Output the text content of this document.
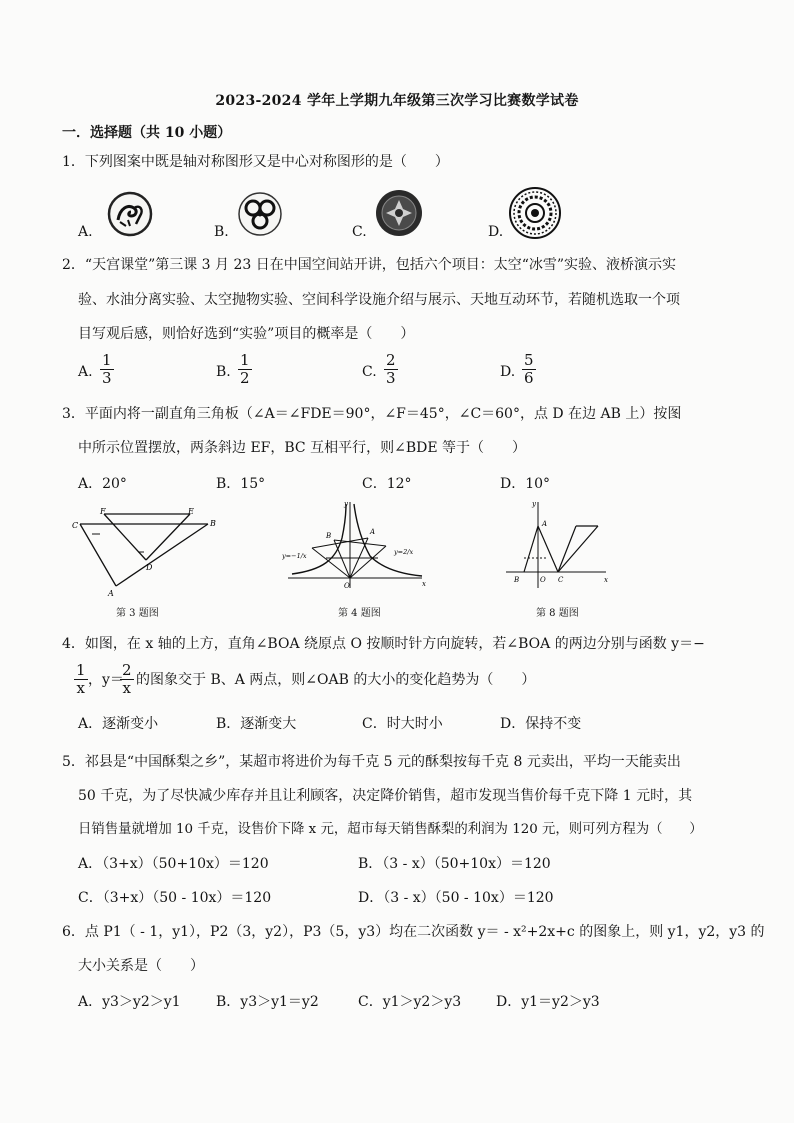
2023-2024 学年上学期九年级第三次学习比赛数学试卷
一．选择题（共 10 小题）
1．下列图案中既是轴对称图形又是中心对称图形的是（　　）
A.	B.	C.	D.
2．“天宫课堂”第三课 3 月 23 日在中国空间站开讲，包括六个项目：太空“冰雪”实验、液桥演示实
验、水油分离实验、太空抛物实验、空间科学设施介绍与展示、天地互动环节，若随机选取一个项
目写观后感，则恰好选到“实验”项目的概率是（　　）
A. $\frac{1}{3}$	B. $\frac{1}{2}$	C. $\frac{2}{3}$	D. $\frac{5}{6}$
3．平面内将一副直角三角板（∠A＝∠FDE＝90°，∠F＝45°，∠C＝60°，点 D 在边 AB 上）按图
中所示位置摆放，两条斜边 EF，BC 互相平行，则∠BDE 等于（　　）
A．20°	B．15°	C．12°	D．10°
C
F	E
B
A
D
第 3 题图
y
x
O
A
B
y=−1/x	y=2/x
第 4 题图
y
x
A
B	C
O
第 8 题图
4．如图，在 x 轴的上方，直角∠BOA 绕原点 O 按顺时针方向旋转，若∠BOA 的两边分别与函数 y＝−
$\frac{1}{x}$ ，y＝
$\frac{2}{x}$ 的图象交于 B、A 两点，则∠OAB 的大小的变化趋势为（　　）
A．逐渐变小	B．逐渐变大	C．时大时小	D．保持不变
5．祁县是“中国酥梨之乡”，某超市将进价为每千克 5 元的酥梨按每千克 8 元卖出，平均一天能卖出
50 千克，为了尽快减少库存并且让利顾客，决定降价销售，超市发现当售价每千克下降 1 元时，其
日销售量就增加 10 千克，设售价下降 x 元，超市每天销售酥梨的利润为 120 元，则可列方程为（　　）
A．（3+x）（50+10x）＝120	B．（3 - x）（50+10x）＝120
C．（3+x）（50 - 10x）＝120	D．（3 - x）（50 - 10x）＝120
6．点 P1（ - 1，y1），P2（3，y2），P3（5，y3）均在二次函数 y＝ - x²+2x+c 的图象上，则 y1，y2，y3 的
大小关系是（　　）
A．y3＞y2＞y1	B．y3＞y1＝y2	C．y1＞y2＞y3 D．y1＝y2＞y3
